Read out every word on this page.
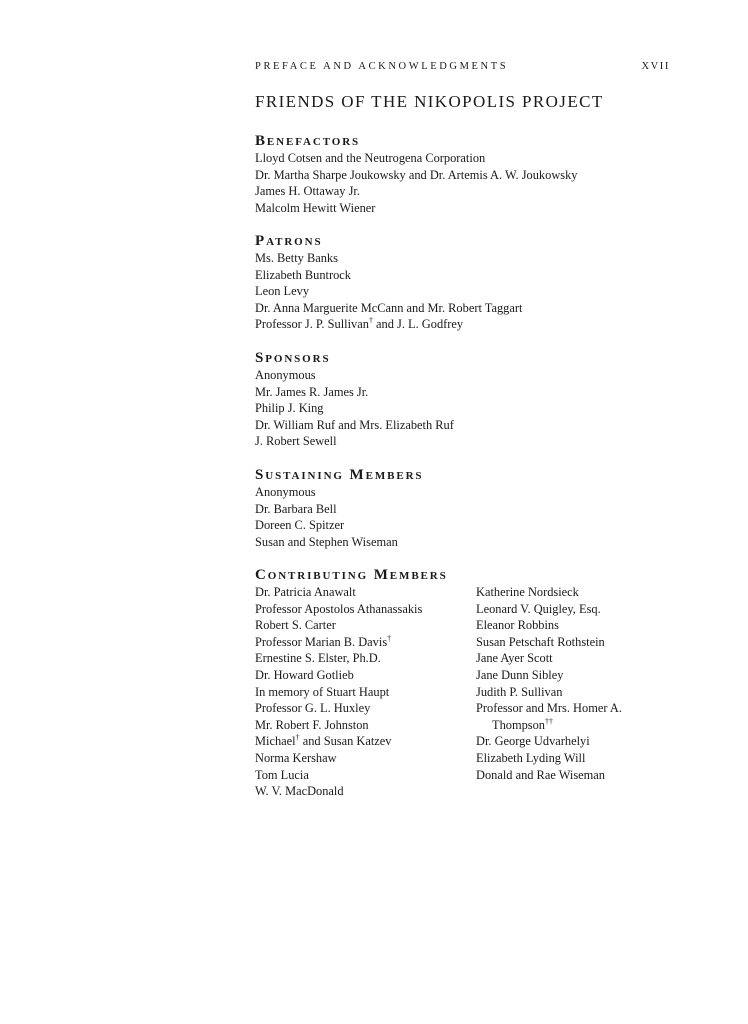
PREFACE AND ACKNOWLEDGMENTS	XVII
FRIENDS OF THE NIKOPOLIS PROJECT
Benefactors
Lloyd Cotsen and the Neutrogena Corporation
Dr. Martha Sharpe Joukowsky and Dr. Artemis A. W. Joukowsky
James H. Ottaway Jr.
Malcolm Hewitt Wiener
Patrons
Ms. Betty Banks
Elizabeth Buntrock
Leon Levy
Dr. Anna Marguerite McCann and Mr. Robert Taggart
Professor J. P. Sullivan† and J. L. Godfrey
Sponsors
Anonymous
Mr. James R. James Jr.
Philip J. King
Dr. William Ruf and Mrs. Elizabeth Ruf
J. Robert Sewell
Sustaining Members
Anonymous
Dr. Barbara Bell
Doreen C. Spitzer
Susan and Stephen Wiseman
Contributing Members
Dr. Patricia Anawalt
Professor Apostolos Athanassakis
Robert S. Carter
Professor Marian B. Davis†
Ernestine S. Elster, Ph.D.
Dr. Howard Gotlieb
In memory of Stuart Haupt
Professor G. L. Huxley
Mr. Robert F. Johnston
Michael† and Susan Katzev
Norma Kershaw
Tom Lucia
W. V. MacDonald
Katherine Nordsieck
Leonard V. Quigley, Esq.
Eleanor Robbins
Susan Petschaft Rothstein
Jane Ayer Scott
Jane Dunn Sibley
Judith P. Sullivan
Professor and Mrs. Homer A.
Thompson††
Dr. George Udvarhelyi
Elizabeth Lyding Will
Donald and Rae Wiseman
